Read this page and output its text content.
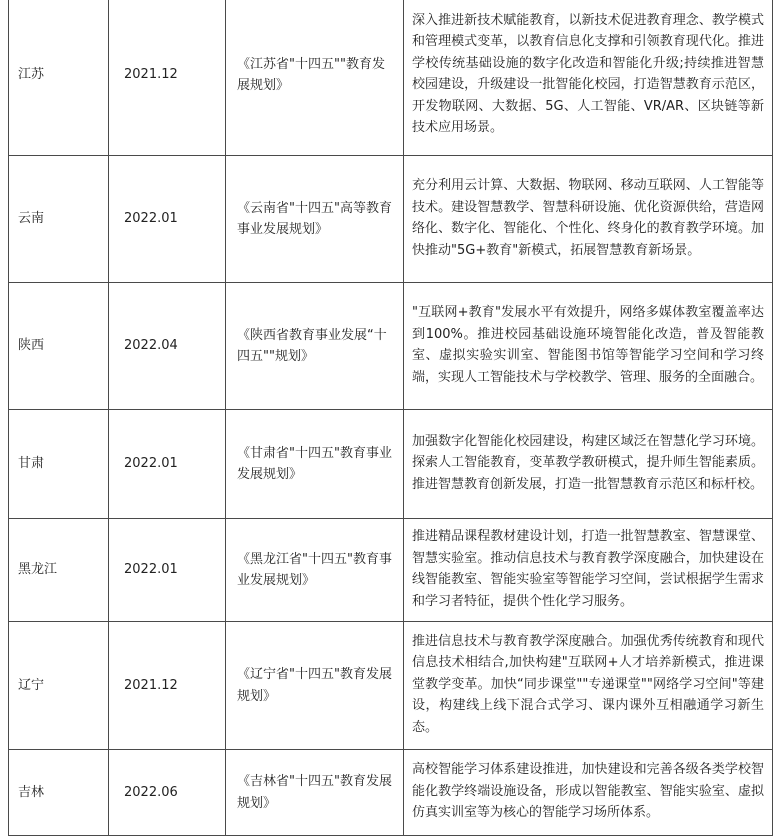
江苏	2021.12	《江苏省"十四五""教育发展规划》	深入推进新技术赋能教育，以新技术促进教育理念、教学模式和管理模式变革，以教育信息化支撑和引领教育现代化。推进学校传统基础设施的数字化改造和智能化升级;持续推进智慧校园建设，升级建设一批智能化校园，打造智慧教育示范区，开发物联网、大数据、5G、人工智能、VR/AR、区块链等新技术应用场景。
云南	2022.01	《云南省"十四五"高等教育事业发展规划》	充分利用云计算、大数据、物联网、移动互联网、人工智能等技术。建设智慧教学、智慧科研设施、优化资源供给，营造网络化、数字化、智能化、个性化、终身化的教育教学环境。加快推动"5G+教育"新模式，拓展智慧教育新场景。
陕西	2022.04	《陕西省教育事业发展“十四五""规划》	"互联网+教育"发展水平有效提升，网络多媒体教室覆盖率达到100%。推进校园基础设施环境智能化改造，普及智能教室、虚拟实验实训室、智能图书馆等智能学习空间和学习终端，实现人工智能技术与学校教学、管理、服务的全面融合。
甘肃	2022.01	《甘肃省"十四五"教育事业发展规划》	加强数字化智能化校园建设，构建区域泛在智慧化学习环境。探索人工智能教育，变革教学教研模式，提升师生智能素质。推进智慧教育创新发展，打造一批智慧教育示范区和标杆校。
黑龙江	2022.01	《黑龙江省"十四五"教育事业发展规划》	推进精品课程教材建设计划，打造一批智慧教室、智慧课堂、智慧实验室。推动信息技术与教育教学深度融合，加快建设在线智能教室、智能实验室等智能学习空间，尝试根据学生需求和学习者特征，提供个性化学习服务。
辽宁	2021.12	《辽宁省"十四五"教育发展规划》	推进信息技术与教育教学深度融合。加强优秀传统教育和现代信息技术相结合,加快构建"互联网+人才培养新模式，推进课堂教学变革。加快“同步课堂""专递课堂""网络学习空间"等建设，构建线上线下混合式学习、课内课外互相融通学习新生态。
吉林	2022.06	《吉林省"十四五"教育发展规划》	高校智能学习体系建设推进，加快建设和完善各级各类学校智能化教学终端设施设备，形成以智能教室、智能实验室、虚拟仿真实训室等为核心的智能学习场所体系。
